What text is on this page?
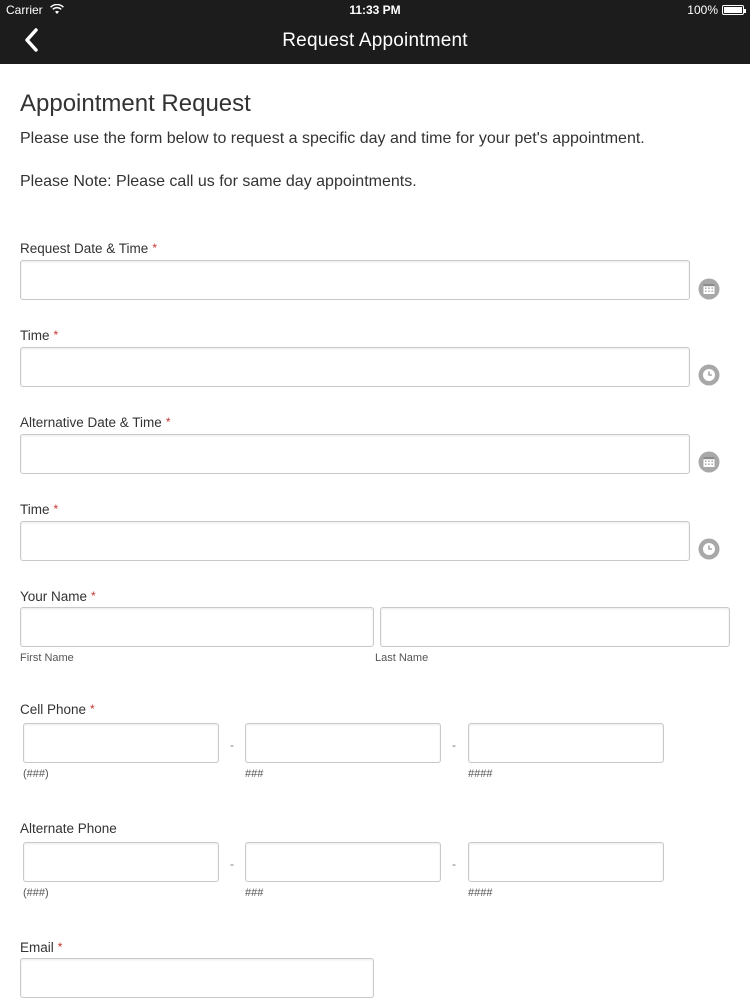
Carrier	11:33 PM	100%
Request Appointment
Appointment Request
Please use the form below to request a specific day and time for your pet's appointment.
Please Note: Please call us for same day appointments.
Request Date & Time *
Time *
Alternative Date & Time *
Time *
Your Name *
First Name	Last Name
Cell Phone *
-	-
(###)	###	####
Alternate Phone
-	-
(###)	###	####
Email *
